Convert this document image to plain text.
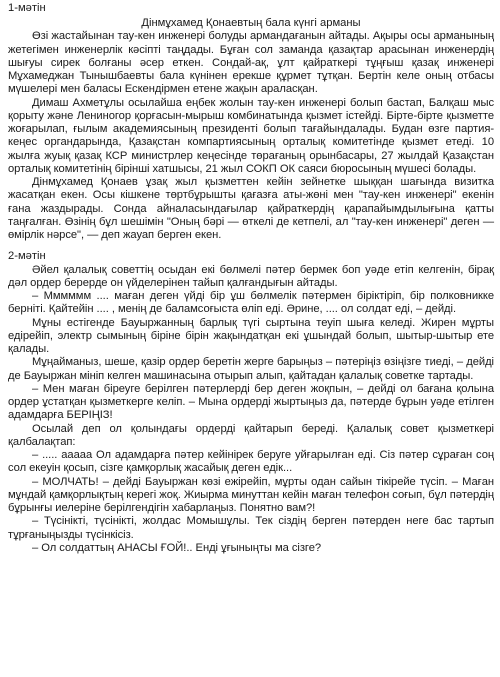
1-мәтін

Дінмұхамед Қонаевтың бала күнгі арманы

Өзі жастайынан тау-кен инженері болуды армандағанын айтады. Ақыры осы арманының жетегімен инженерлік кәсіпті таңдады. Бұған сол заманда қазақтар арасынан инженердің шығуы сирек болғаны әсер еткен. Сондай-ақ, ұлт қайраткері тұңғыш қазақ инженері Мұхамеджан Тынышбаевты бала күнінен ерекше құрмет тұтқан. Бертін келе оның отбасы мүшелері мен баласы Ескендірмен етене жақын араласқан.

Димаш Ахметұлы осылайша еңбек жолын тау-кен инженері болып бастап, Балқаш мыс қорыту және Лениногор қорғасын-мырыш комбинатында қызмет істейді. Бірте-бірте қызметте жоғарылап, ғылым академиясының президенті болып тағайындалады. Будан өзге партия-кеңес органдарында, Қазақстан компартиясының орталық комитетінде қызмет етеді. 10 жылға жуық қазақ КСР министрлер кеңесінде төрағаның орынбасары, 27 жылдай Қазақстан орталық комитетінің бірінші хатшысы, 21 жыл СОКП ОК саяси бюросының мүшесі болады.

Дінмұхамед Қонаев ұзақ жыл қызметтен кейін зейнетке шыққан шағында визитка жасатқан екен. Осы кішкене төртбұрышты қағазға аты-жөні мен "тау-кен инженері" екенін ғана жаздырады. Сонда айналасындағылар қайраткердің қарапайымдылығына қатты таңғалған. Өзінің бұл шешімін "Оның бәрі — өткелі де кетпелі, ал "тау-кен инженері" деген — өмірлік нәрсе", — деп жауап берген екен.

2-мәтін

Әйел қалалық советтің осыдан екі бөлмелі пәтер бермек боп уәде етіп келгенін, бірақ дәл ордер берерде он үйделерінен тайып қалғандығын айтады.

– Мммммм .... маған деген үйді бір ұш бөлмелік пәтермен біріктіріп, бір полковникке берніті. Қайтейін .... , менің де баламсоғыста өліп еді. Әрине, .... ол солдат еді, – дейді.

Мұны естігенде Бауыржанның барлық түгі сыртына теуіп шыға келеді. Жирен мұрты едірейіп, электр сымының біріне бірін жақындатқан екі ұшындай болып, шытыр-шытыр ете қалады.

Мұңайманыз, шеше, қазір ордер беретін жерге барыңыз – пәтеріңіз өзіңізге тиеді, – дейді де Бауыржан мініп келген машинасына отырып алып, қайтадан қалалық советке тартады.

– Мен маған біреуге берілген пәтерлерді бер деген жоқпын, – дейді ол бағана қолына ордер ұстатқан қызметкерге келіп. – Мына ордерді жыртыңыз да, пәтерде бұрын уәде етілген адамдарға БЕРІҢІЗ!

Осылай деп ол қолындағы ордерді қайтарып береді. Қалалық совет қызметкері қалбалақтап:

– ..... ааааа Ол адамдарға пәтер кейінірек беруге уйғарылған еді. Сіз пәтер сұраған соң сол екеуін қосып, сізге қамқорлық жасайық деген едік...

– МОЛЧАТЬ! – дейді Бауыржан көзі ежірейіп, мұрты одан сайын тікірейе түсіп. – Маған мұндай қамқорлықтың керегі жоқ. Жиырма минуттан кейін маған телефон соғып, бұл пәтердің бұрынғы иелеріне берілгендігін хабарлаңыз. Понятно вам?!

– Түсінікті, түсінікті, жолдас Момышұлы. Тек сіздің берген пәтерден неге бас тартып тұрғаныңызды түсінкісіз.

– Ол солдаттың АНАСЫ ҒОЙ!.. Енді ұғыныңты ма сізге?
